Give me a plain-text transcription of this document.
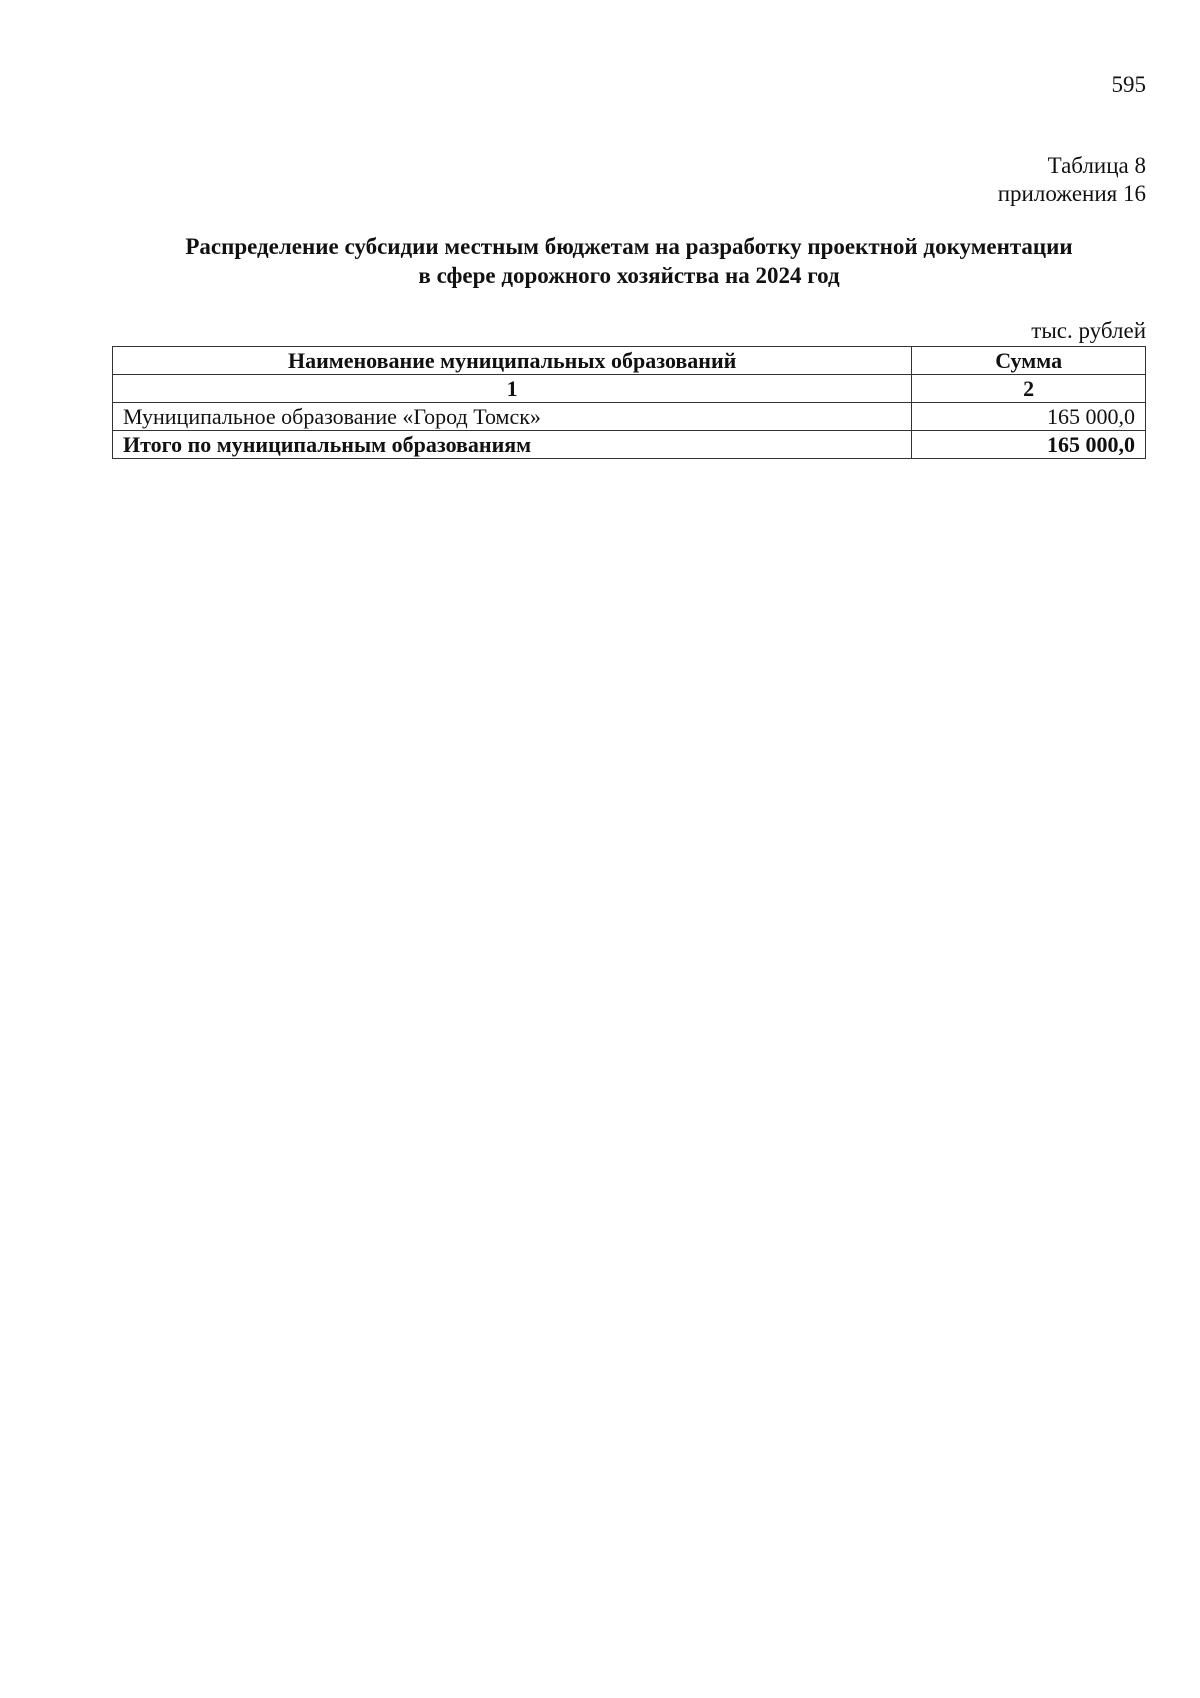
595
Таблица 8
приложения 16
Распределение субсидии местным бюджетам на разработку проектной документации
в сфере дорожного хозяйства на 2024 год
тыс. рублей
Наименование муниципальных образований	Сумма
1	2
Муниципальное образование «Город Томск»	165 000,0
Итого по муниципальным образованиям	165 000,0
